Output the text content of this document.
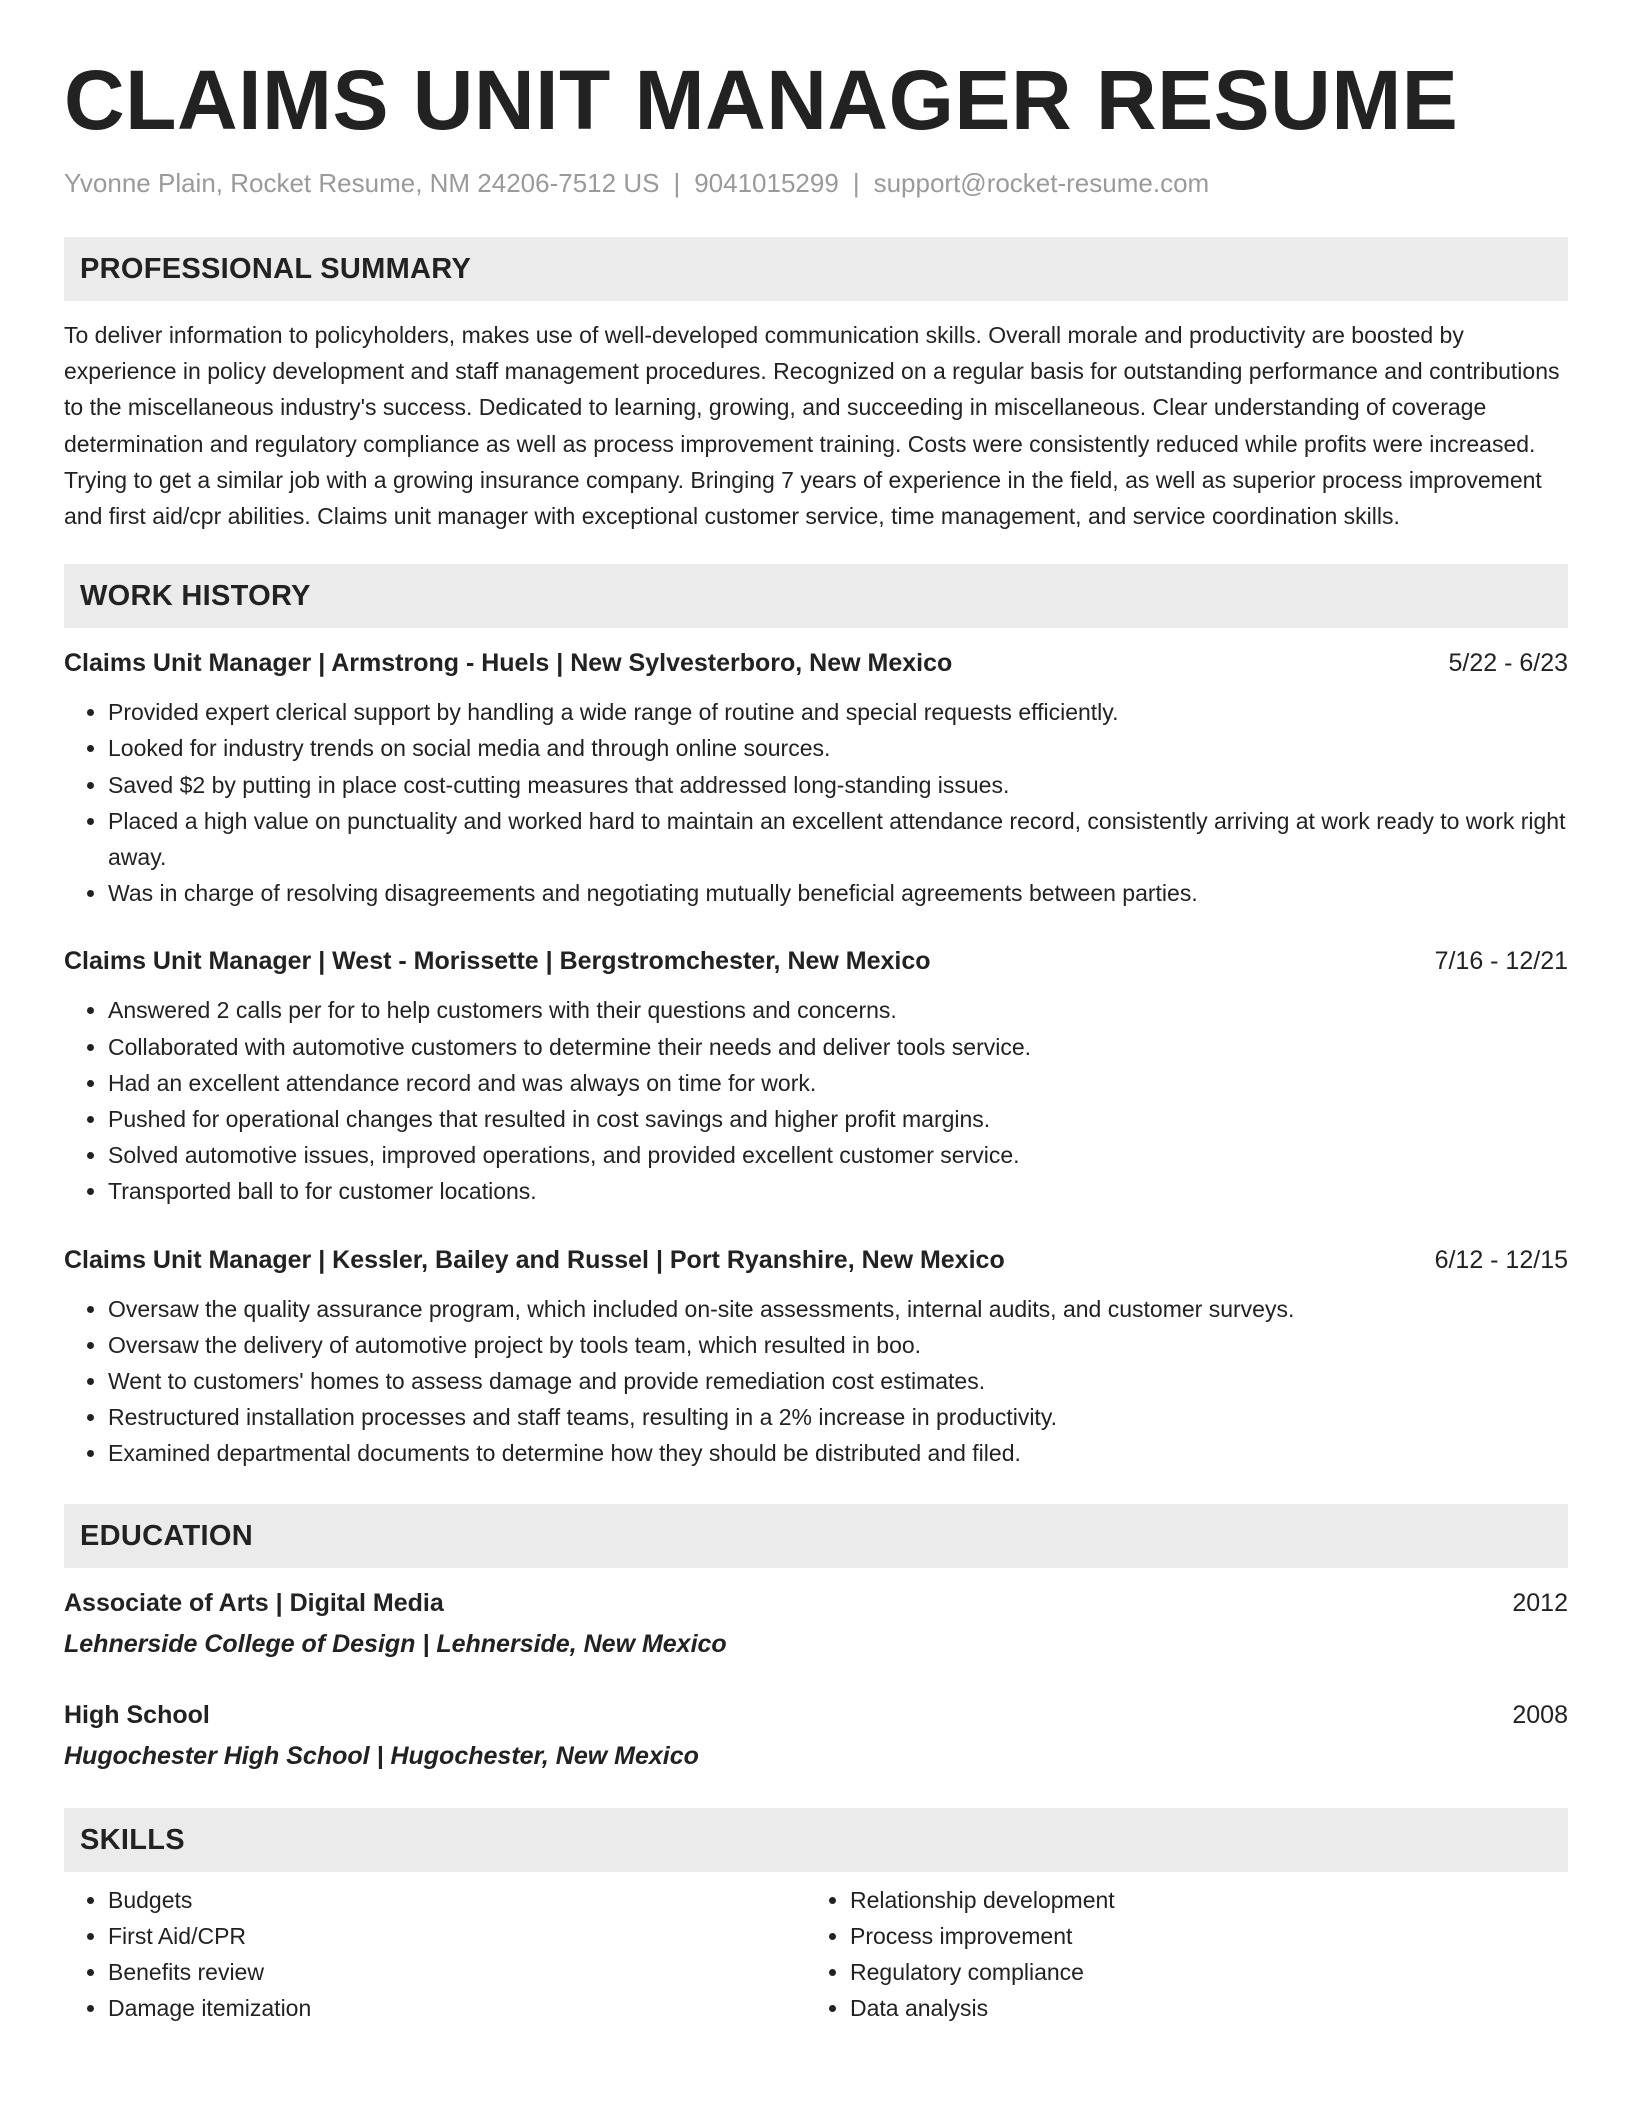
CLAIMS UNIT MANAGER RESUME
Yvonne Plain, Rocket Resume, NM 24206-7512 US | 9041015299 | support@rocket-resume.com
PROFESSIONAL SUMMARY

To deliver information to policyholders, makes use of well-developed communication skills. Overall morale and productivity are boosted by experience in policy development and staff management procedures. Recognized on a regular basis for outstanding performance and contributions to the miscellaneous industry's success. Dedicated to learning, growing, and succeeding in miscellaneous. Clear understanding of coverage determination and regulatory compliance as well as process improvement training. Costs were consistently reduced while profits were increased. Trying to get a similar job with a growing insurance company. Bringing 7 years of experience in the field, as well as superior process improvement and first aid/cpr abilities. Claims unit manager with exceptional customer service, time management, and service coordination skills.

WORK HISTORY
Claims Unit Manager | Armstrong - Huels | New Sylvesterboro, New Mexico	5/22 - 6/23
• Provided expert clerical support by handling a wide range of routine and special requests efficiently.
• Looked for industry trends on social media and through online sources.
• Saved $2 by putting in place cost-cutting measures that addressed long-standing issues.
• Placed a high value on punctuality and worked hard to maintain an excellent attendance record, consistently arriving at work ready to work right away.
• Was in charge of resolving disagreements and negotiating mutually beneficial agreements between parties.
Claims Unit Manager | West - Morissette | Bergstromchester, New Mexico	7/16 - 12/21
• Answered 2 calls per for to help customers with their questions and concerns.
• Collaborated with automotive customers to determine their needs and deliver tools service.
• Had an excellent attendance record and was always on time for work.
• Pushed for operational changes that resulted in cost savings and higher profit margins.
• Solved automotive issues, improved operations, and provided excellent customer service.
• Transported ball to for customer locations.
Claims Unit Manager | Kessler, Bailey and Russel | Port Ryanshire, New Mexico	6/12 - 12/15
• Oversaw the quality assurance program, which included on-site assessments, internal audits, and customer surveys.
• Oversaw the delivery of automotive project by tools team, which resulted in boo.
• Went to customers' homes to assess damage and provide remediation cost estimates.
• Restructured installation processes and staff teams, resulting in a 2% increase in productivity.
• Examined departmental documents to determine how they should be distributed and filed.
EDUCATION
Associate of Arts | Digital Media	2012
Lehnerside College of Design | Lehnerside, New Mexico
High School	2008
Hugochester High School | Hugochester, New Mexico
SKILLS
• Budgets
• First Aid/CPR
• Benefits review
• Damage itemization
• Relationship development
• Process improvement
• Regulatory compliance
• Data analysis
